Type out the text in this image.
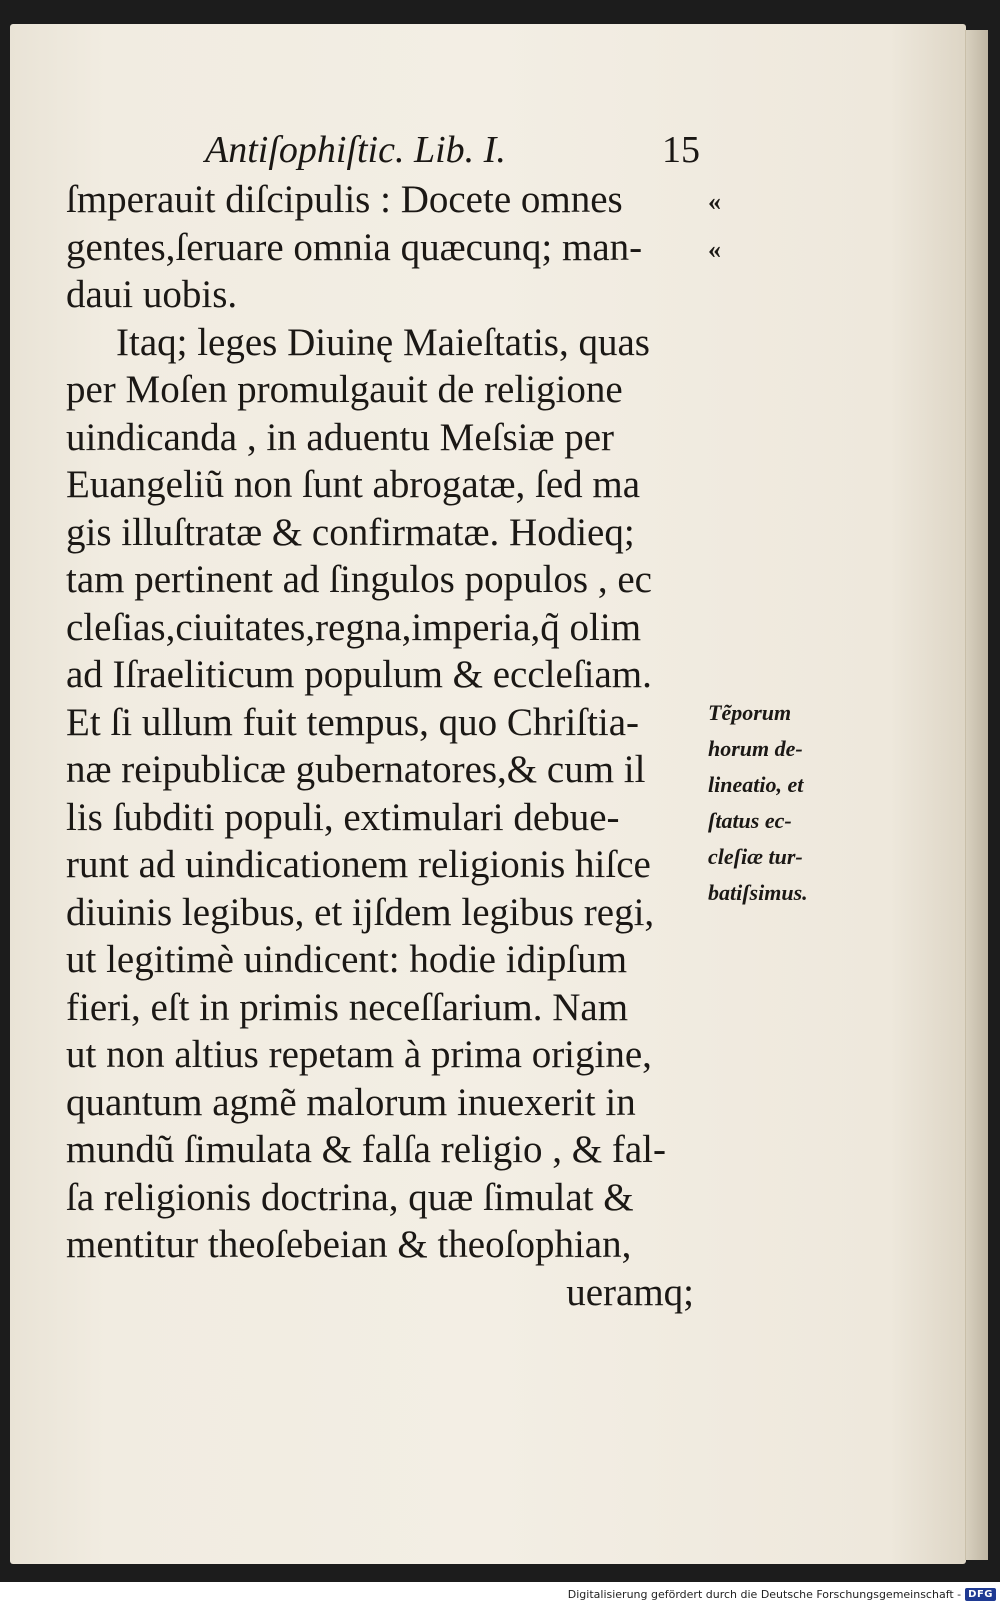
Antiſophiſtic. Lib. I.	15
ſmperauit diſcipulis : Docete omnes
gentes,ſeruare omnia quæcunq; man-
daui uobis.
Itaq; leges Diuinę Maieſtatis, quas
per Moſen promulgauit de religione
uindicanda , in aduentu Meſsiæ per
Euangeliũ non ſunt abrogatæ, ſed ma
gis illuſtratæ & confirmatæ. Hodieq;
tam pertinent ad ſingulos populos , ec
cleſias,ciuitates,regna,imperia,q̃ olim
ad Iſraeliticum populum & eccleſiam.
Et ſi ullum fuit tempus, quo Chriſtia-
næ reipublicæ gubernatores,& cum il
lis ſubditi populi, extimulari debue-
runt ad uindicationem religionis hiſce
diuinis legibus, et ijſdem legibus regi,
ut legitimè uindicent: hodie idipſum
fieri, eſt in primis neceſſarium. Nam
ut non altius repetam à prima origine,
quantum agmẽ malorum inuexerit in
mundũ ſimulata & falſa religio , & fal-
ſa religionis doctrina, quæ ſimulat &
mentitur theoſebeian & theoſophian,
ueramq;
«
«
Tẽporum
horum de-
lineatio, et
ſtatus ec-
cleſiæ tur-
batiſsimus.
Digitalisierung gefördert durch die Deutsche Forschungsgemeinschaft - DFG
